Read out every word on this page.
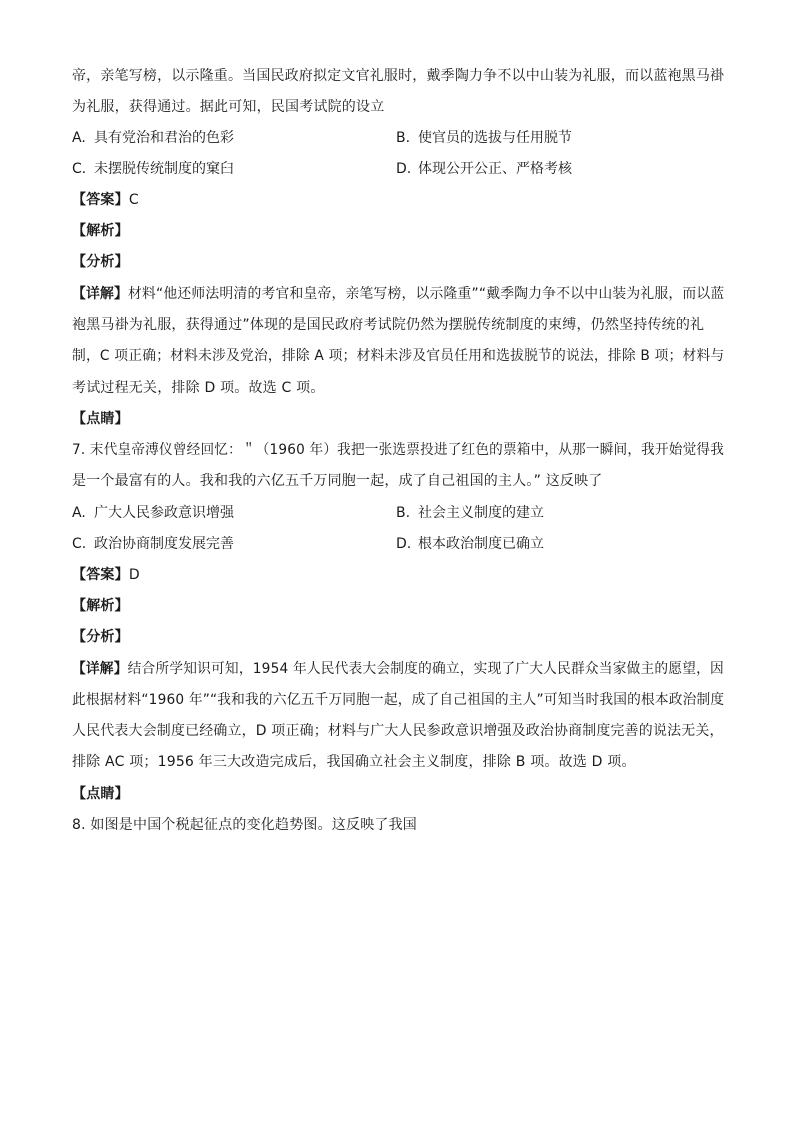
帝，亲笔写榜，以示隆重。当国民政府拟定文官礼服时，戴季陶力争不以中山装为礼服，而以蓝袍黑马褂
为礼服，获得通过。据此可知，民国考试院的设立
A. 具有党治和君治的色彩	B. 使官员的选拔与任用脱节
C. 未摆脱传统制度的窠臼	D. 体现公开公正、严格考核
【答案】C
【解析】
【分析】
【详解】材料“他还师法明清的考官和皇帝，亲笔写榜，以示隆重”“戴季陶力争不以中山装为礼服，而以蓝
袍黑马褂为礼服，获得通过”体现的是国民政府考试院仍然为摆脱传统制度的束缚，仍然坚持传统的礼
制，C 项正确；材料未涉及党治，排除 A 项；材料未涉及官员任用和选拔脱节的说法，排除 B 项；材料与
考试过程无关，排除 D 项。故选 C 项。
【点睛】
7. 末代皇帝溥仪曾经回忆：＂（1960 年）我把一张选票投进了红色的票箱中，从那一瞬间，我开始觉得我
是一个最富有的人。我和我的六亿五千万同胞一起，成了自己祖国的主人。” 这反映了
A. 广大人民参政意识增强	B. 社会主义制度的建立
C. 政治协商制度发展完善	D. 根本政治制度已确立
【答案】D
【解析】
【分析】
【详解】结合所学知识可知，1954 年人民代表大会制度的确立，实现了广大人民群众当家做主的愿望，因
此根据材料“1960 年”“我和我的六亿五千万同胞一起，成了自己祖国的主人”可知当时我国的根本政治制度
人民代表大会制度已经确立，D 项正确；材料与广大人民参政意识增强及政治协商制度完善的说法无关，
排除 AC 项；1956 年三大改造完成后，我国确立社会主义制度，排除 B 项。故选 D 项。
【点睛】
8. 如图是中国个税起征点的变化趋势图。这反映了我国
